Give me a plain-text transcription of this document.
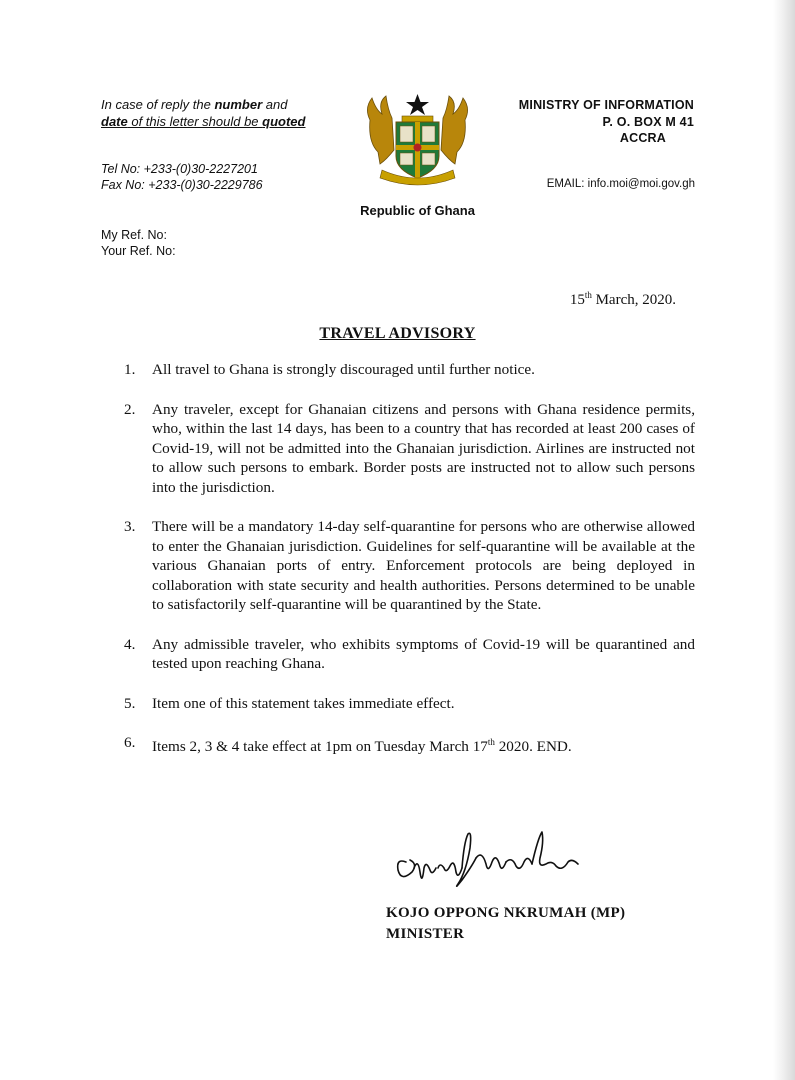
In case of reply the number and
date of this letter should be quoted
Tel No: +233-(0)30-2227201
Fax No: +233-(0)30-2229786
MINISTRY OF INFORMATION
P. O. BOX M 41
ACCRA
EMAIL: info.moi@moi.gov.gh
Republic of Ghana
My Ref. No:
Your Ref. No:
15th March, 2020.
TRAVEL ADVISORY
1.	All travel to Ghana is strongly discouraged until further notice.
2.	Any traveler, except for Ghanaian citizens and persons with Ghana residence permits, who, within the last 14 days, has been to a country that has recorded at least 200 cases of Covid-19, will not be admitted into the Ghanaian jurisdiction. Airlines are instructed not to allow such persons to embark. Border posts are instructed not to allow such persons into the jurisdiction.
3.	There will be a mandatory 14-day self-quarantine for persons who are otherwise allowed to enter the Ghanaian jurisdiction. Guidelines for self-quarantine will be available at the various Ghanaian ports of entry. Enforcement protocols are being deployed in collaboration with state security and health authorities. Persons determined to be unable to satisfactorily self-quarantine will be quarantined by the State.
4.	Any admissible traveler, who exhibits symptoms of Covid-19 will be quarantined and tested upon reaching Ghana.
5.	Item one of this statement takes immediate effect.
6.	Items 2, 3 & 4 take effect at 1pm on Tuesday March 17th 2020. END.
KOJO OPPONG NKRUMAH (MP)
MINISTER
